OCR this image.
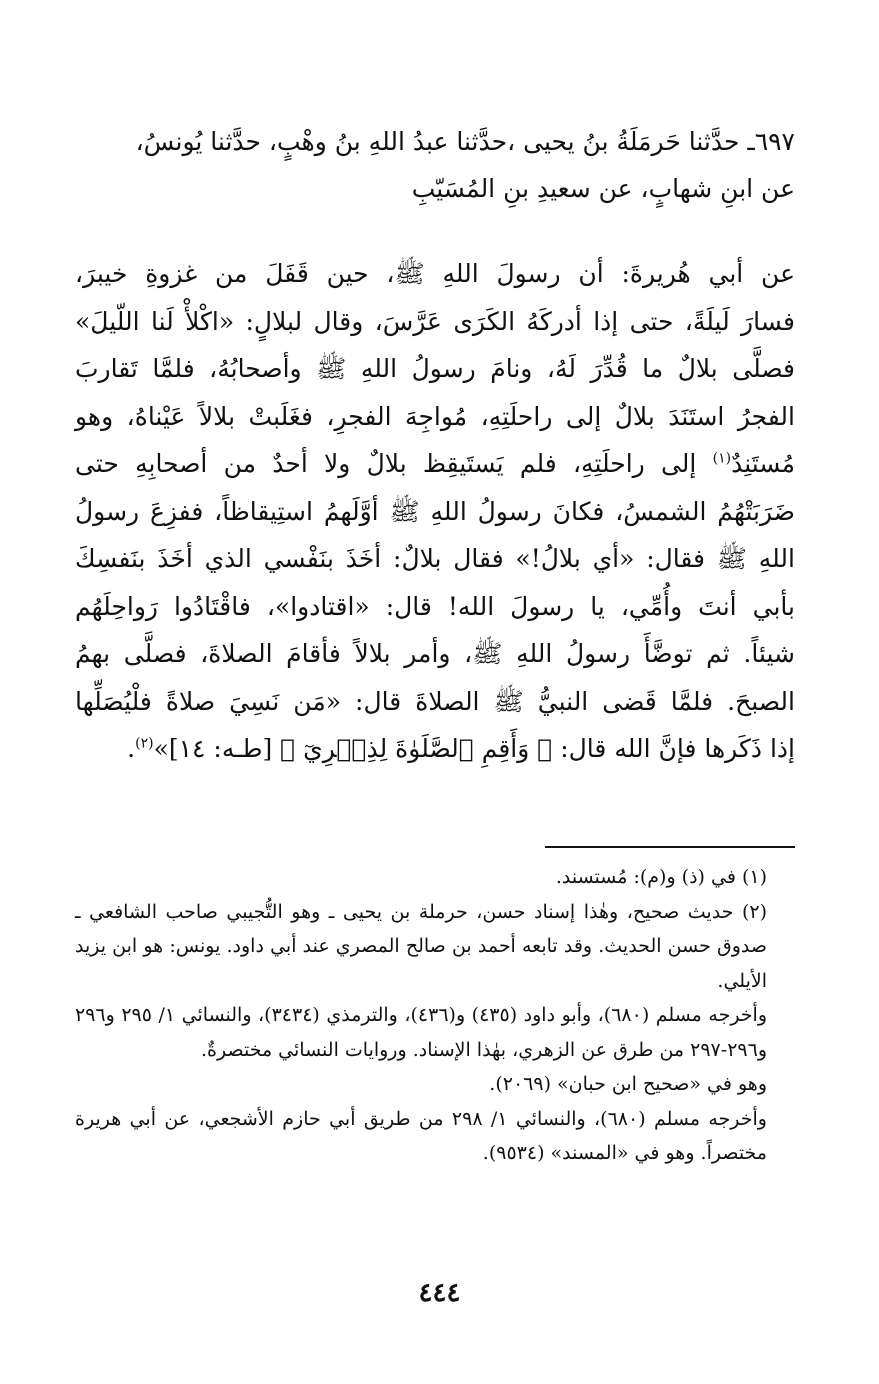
٦٩٧ـ حدَّثنا حَرمَلَةُ بنُ يحيى ،حدَّثنا عبدُ اللهِ بنُ وهْبٍ، حدَّثنا يُونسُ،
عن ابنِ شهابٍ، عن سعيدِ بنِ المُسَيّبِ
عن أبي هُريرةَ: أن رسولَ اللهِ ﷺ، حين قَفَلَ من غزوةِ خيبرَ،
فسارَ لَيلَةً، حتى إذا أدركَهُ الكَرَى عَرَّسَ، وقال لبلالٍ: «اكْلأْ لَنا اللّيلَ»
فصلَّى بلالٌ ما قُدِّرَ لَهُ، ونامَ رسولُ اللهِ ﷺ وأصحابُهُ، فلمَّا تَقاربَ
الفجرُ استَنَدَ بلالٌ إلى راحلَتِهِ، مُواجِهَ الفجرِ، فغَلَبتْ بلالاً عَيْناهُ، وهو
مُستَنِدٌ$^{(١)}$ إلى راحلَتِهِ، فلم يَستَيقِظ بلالٌ ولا أحدٌ من أصحابِهِ حتى
ضَرَبَتْهُمُ الشمسُ، فكانَ رسولُ اللهِ ﷺ أوَّلَهمُ استِيقاظاً، ففزِعَ رسولُ
اللهِ ﷺ فقال: «أي بلالُ!» فقال بلالٌ: أخَذَ بنَفْسي الذي أخَذَ بنَفسِكَ
بأبي أنتَ وأُمِّي، يا رسولَ الله! قال: «اقتادوا»، فاقْتَادُوا رَواحِلَهُم
شيئاً. ثم توضَّأَ رسولُ اللهِ ﷺ، وأمر بلالاً فأقامَ الصلاةَ، فصلَّى بهمُ
الصبحَ. فلمَّا قَضى النبيُّ ﷺ الصلاةَ قال: «مَن نَسِيَ صلاةً فلْيُصَلِّها
إذا ذَكَرها فإنَّ الله قال: ﴿ وَأَقِمِ ٱلصَّلَوٰةَ لِذِكۡرِيٓ ﴾ [طـه: ١٤]»$^{(٢)}$.
(١) في (ذ) و(م): مُستسند.
(٢) حديث صحيح، وهٰذا إسناد حسن، حرملة بن يحيى ـ وهو التُّجيبي صاحب الشافعي ـ صدوق حسن الحديث. وقد تابعه أحمد بن صالح المصري عند أبي داود. يونس: هو ابن يزيد الأيلي.
وأخرجه مسلم (٦٨٠)، وأبو داود (٤٣٥) و(٤٣٦)، والترمذي (٣٤٣٤)، والنسائي ١/ ٢٩٥ و٢٩٦ و٢٩٦-٢٩٧ من طرق عن الزهري، بهٰذا الإسناد. وروايات النسائي مختصرةٌ.
وهو في «صحيح ابن حبان» (٢٠٦٩).
وأخرجه مسلم (٦٨٠)، والنسائي ١/ ٢٩٨ من طريق أبي حازم الأشجعي، عن أبي هريرة مختصراً. وهو في «المسند» (٩٥٣٤).
٤٤٤
